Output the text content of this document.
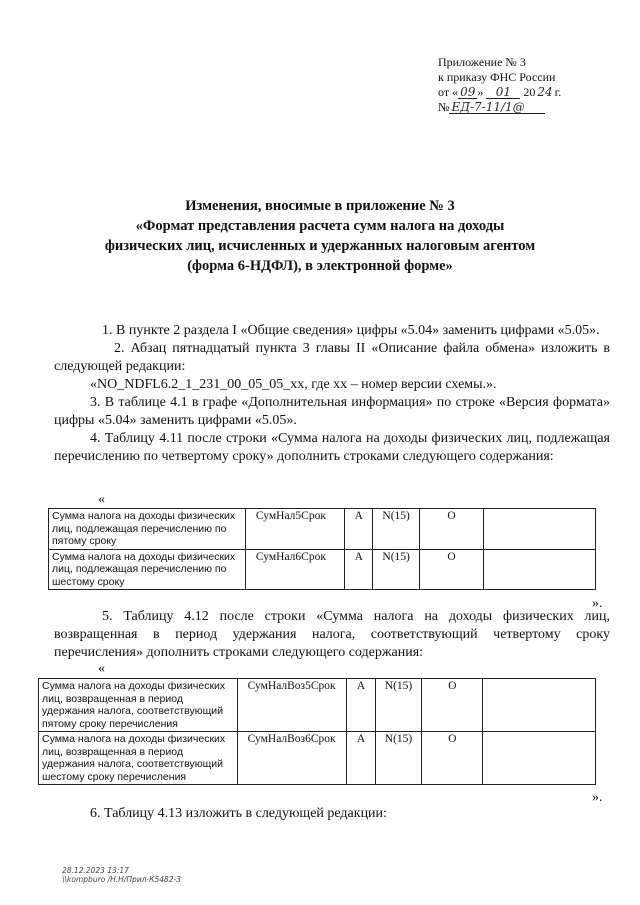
Приложение № 3
к приказу ФНС России
от « 09 » 01 20 24 г.
№ ЕД-7-11/1@
Изменения, вносимые в приложение № 3
«Формат представления расчета сумм налога на доходы
физических лиц, исчисленных и удержанных налоговым агентом
(форма 6-НДФЛ), в электронной форме»
1. В пункте 2 раздела I «Общие сведения» цифры «5.04» заменить цифрами «5.05».
2. Абзац пятнадцатый пункта 3 главы II «Описание файла обмена» изложить в следующей редакции:
«NO_NDFL6.2_1_231_00_05_05_xx, где xx – номер версии схемы.».
3. В таблице 4.1 в графе «Дополнительная информация» по строке «Версия формата» цифры «5.04» заменить цифрами «5.05».
4. Таблицу 4.11 после строки «Сумма налога на доходы физических лиц, подлежащая перечислению по четвертому сроку» дополнить строками следующего содержания:
«
Сумма налога на доходы физических лиц, подлежащая перечислению по пятому сроку	СумНал5Срок	А	N(15)	О	
Сумма налога на доходы физических лиц, подлежащая перечислению по шестому сроку	СумНал6Срок	А	N(15)	О	
».
5. Таблицу 4.12 после строки «Сумма налога на доходы физических лиц, возвращенная в период удержания налога, соответствующий четвертому сроку перечисления» дополнить строками следующего содержания:
«
Сумма налога на доходы физических лиц, возвращенная в период удержания налога, соответствующий пятому сроку перечисления	СумНалВоз5Срок	А	N(15)	О	
Сумма налога на доходы физических лиц, возвращенная в период удержания налога, соответствующий шестому сроку перечисления	СумНалВоз6Срок	А	N(15)	О	
».
6. Таблицу 4.13 изложить в следующей редакции:
28.12.2023 13:17
\\kompburo /Н.Н/Прил-К5482-3
